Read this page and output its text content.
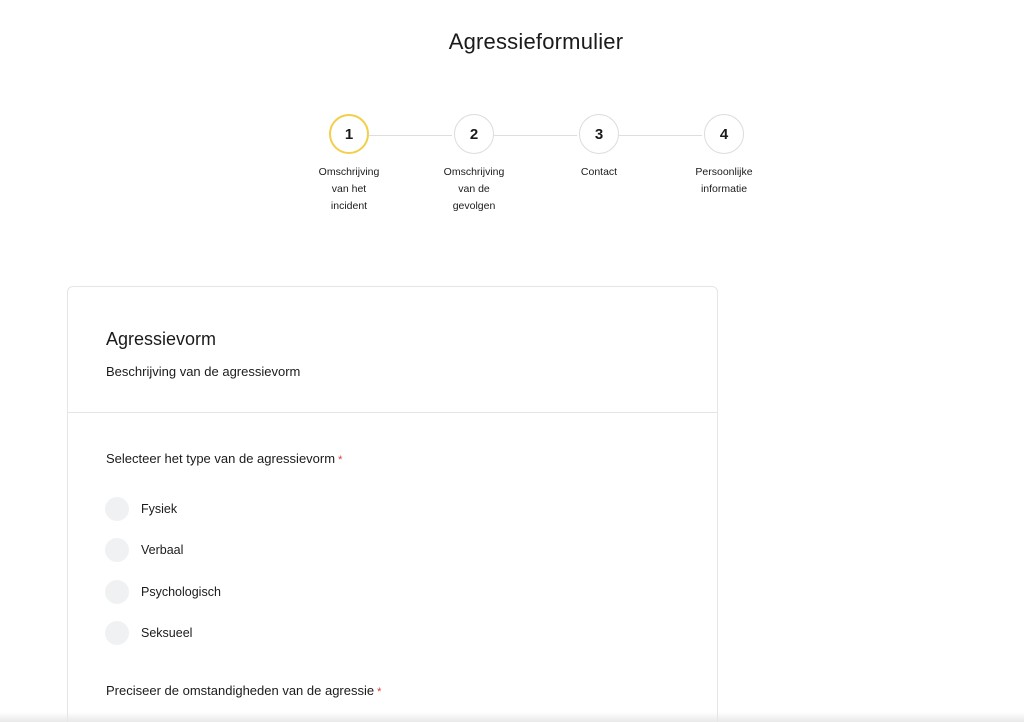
Agressieformulier
1
Omschrijving van het incident
2
Omschrijving van de gevolgen
3
Contact
4
Persoonlijke informatie
Agressievorm
Beschrijving van de agressievorm
Selecteer het type van de agressievorm *
Fysiek
Verbaal
Psychologisch
Seksueel
Preciseer de omstandigheden van de agressie *
